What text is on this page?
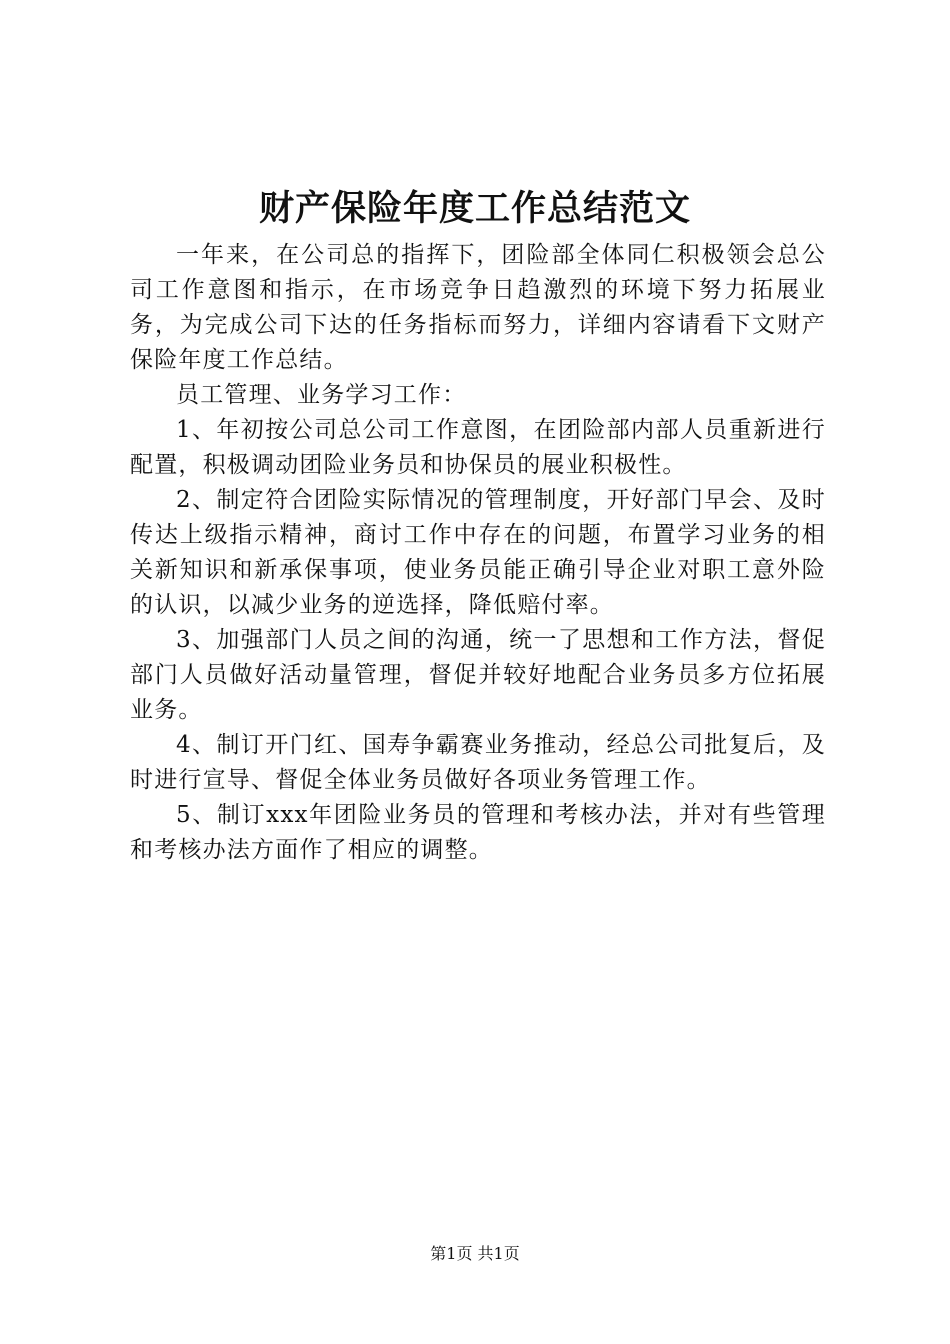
财产保险年度工作总结范文

一年来，在公司总的指挥下，团险部全体同仁积极领会总公司工作意图和指示，在市场竞争日趋激烈的环境下努力拓展业务，为完成公司下达的任务指标而努力，详细内容请看下文财产保险年度工作总结。

员工管理、业务学习工作：

1、年初按公司总公司工作意图，在团险部内部人员重新进行配置，积极调动团险业务员和协保员的展业积极性。

2、制定符合团险实际情况的管理制度，开好部门早会、及时传达上级指示精神，商讨工作中存在的问题，布置学习业务的相关新知识和新承保事项，使业务员能正确引导企业对职工意外险的认识，以减少业务的逆选择，降低赔付率。

3、加强部门人员之间的沟通，统一了思想和工作方法，督促部门人员做好活动量管理，督促并较好地配合业务员多方位拓展业务。

4、制订开门红、国寿争霸赛业务推动，经总公司批复后，及时进行宣导、督促全体业务员做好各项业务管理工作。

5、制订xxx年团险业务员的管理和考核办法，并对有些管理和考核办法方面作了相应的调整。

第1页 共1页
